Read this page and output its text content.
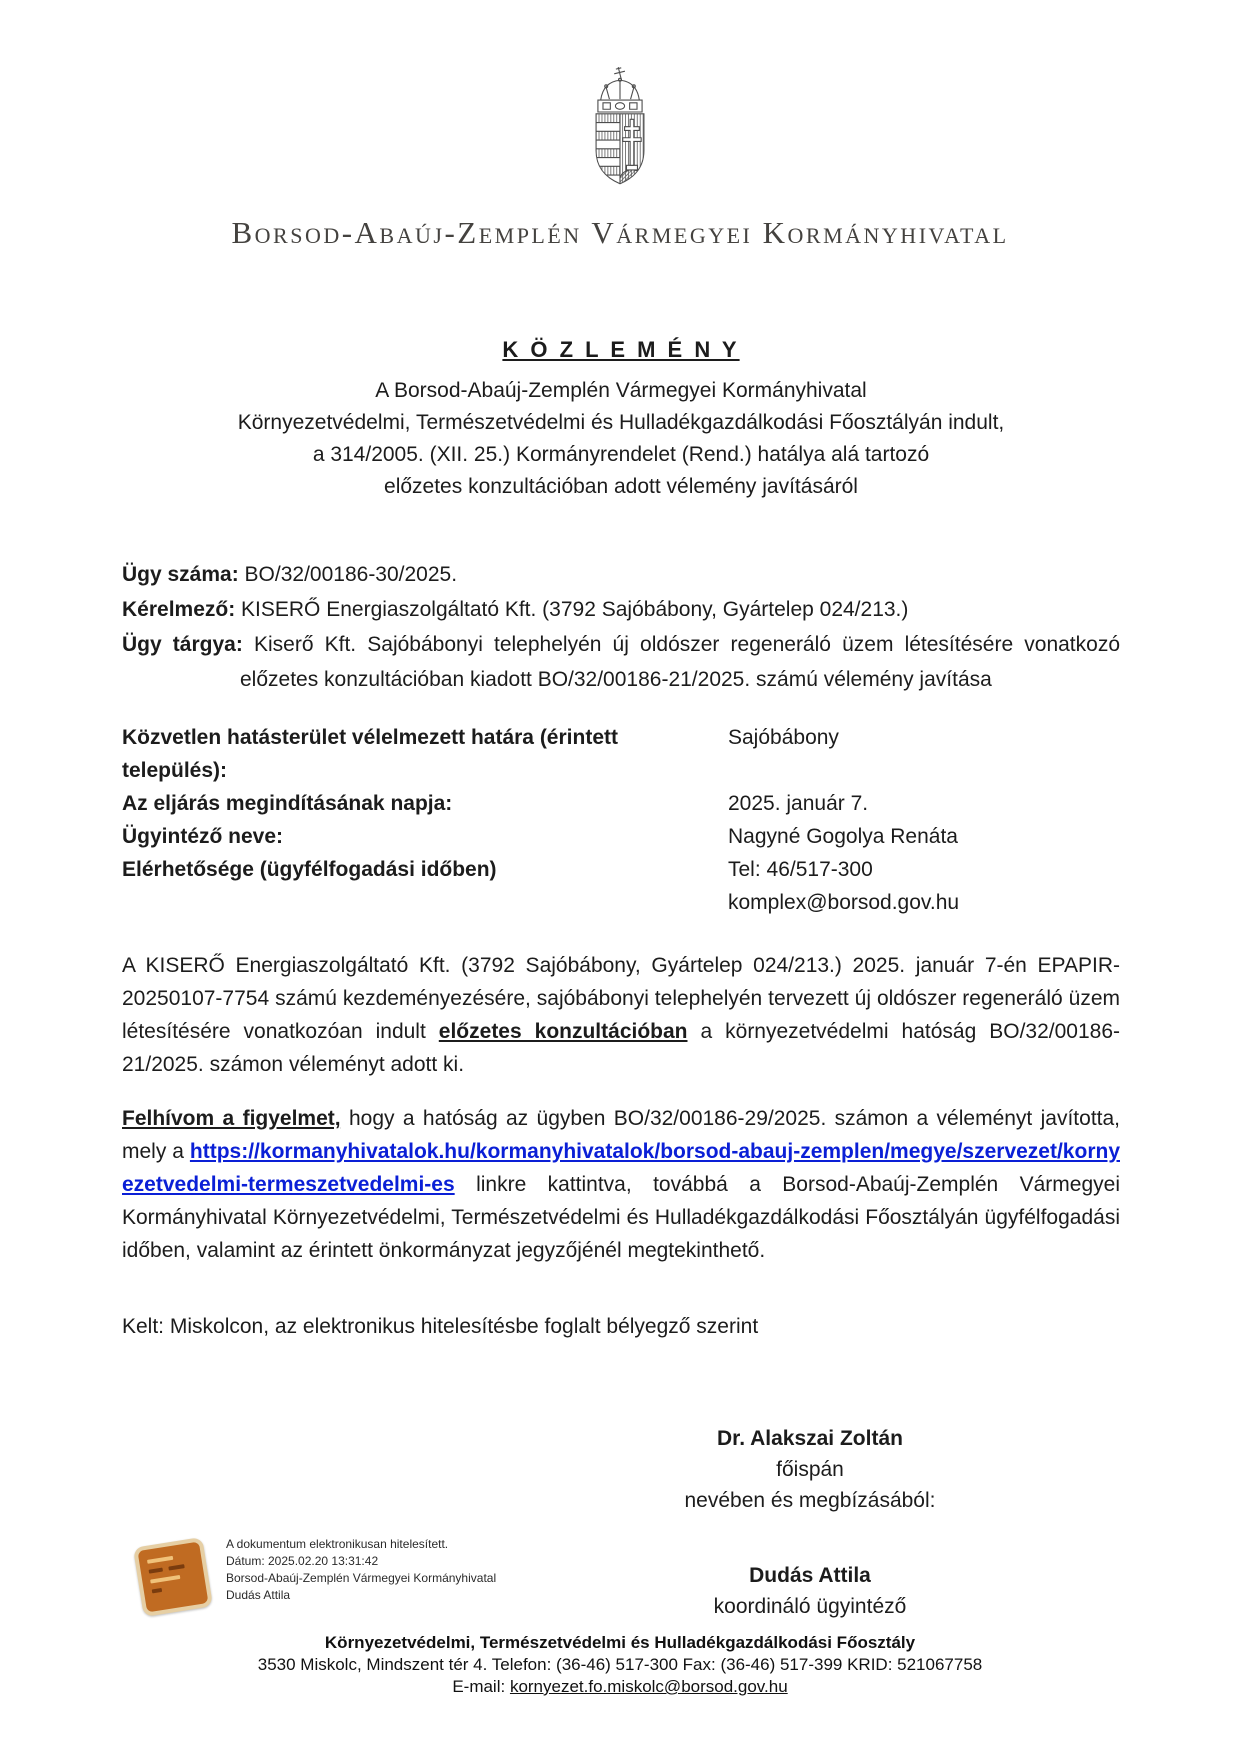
Borsod-Abaúj-Zemplén Vármegyei Kormányhivatal
K Ö Z L E M É N Y
A Borsod-Abaúj-Zemplén Vármegyei Kormányhivatal
Környezetvédelmi, Természetvédelmi és Hulladékgazdálkodási Főosztályán indult,
a 314/2005. (XII. 25.) Kormányrendelet (Rend.) hatálya alá tartozó
előzetes konzultációban adott vélemény javításáról
Ügy száma: BO/32/00186-30/2025.
Kérelmező: KISERŐ Energiaszolgáltató Kft. (3792 Sajóbábony, Gyártelep 024/213.)
Ügy tárgya: Kiserő Kft. Sajóbábonyi telephelyén új oldószer regeneráló üzem létesítésére vonatkozó előzetes konzultációban kiadott BO/32/00186-21/2025. számú vélemény javítása
Közvetlen hatásterület vélelmezett határa (érintett település):
Sajóbábony
Az eljárás megindításának napja:	2025. január 7.
Ügyintéző neve:	Nagyné Gogolya Renáta
Elérhetősége (ügyfélfogadási időben)	Tel: 46/517-300
komplex@borsod.gov.hu

A KISERŐ Energiaszolgáltató Kft. (3792 Sajóbábony, Gyártelep 024/213.) 2025. január 7-én EPAPIR-20250107-7754 számú kezdeményezésére, sajóbábonyi telephelyén tervezett új oldószer regeneráló üzem létesítésére vonatkozóan indult előzetes konzultációban a környezetvédelmi hatóság BO/32/00186-21/2025. számon véleményt adott ki.

Felhívom a figyelmet, hogy a hatóság az ügyben BO/32/00186-29/2025. számon a véleményt javította, mely a https://kormanyhivatalok.hu/kormanyhivatalok/borsod-abauj-zemplen/megye/szervezet/kornyezetvedelmi-termeszetvedelmi-es linkre kattintva, továbbá a Borsod-Abaúj-Zemplén Vármegyei Kormányhivatal Környezetvédelmi, Természetvédelmi és Hulladékgazdálkodási Főosztályán ügyfélfogadási időben, valamint az érintett önkormányzat jegyzőjénél megtekinthető.

Kelt: Miskolcon, az elektronikus hitelesítésbe foglalt bélyegző szerint
Dr. Alakszai Zoltán
főispán
nevében és megbízásából:
Dudás Attila
koordináló ügyintéző
A dokumentum elektronikusan hitelesített.
Dátum: 2025.02.20 13:31:42
Borsod-Abaúj-Zemplén Vármegyei Kormányhivatal
Dudás Attila
Környezetvédelmi, Természetvédelmi és Hulladékgazdálkodási Főosztály
3530 Miskolc, Mindszent tér 4. Telefon: (36-46) 517-300 Fax: (36-46) 517-399 KRID: 521067758
E-mail: kornyezet.fo.miskolc@borsod.gov.hu
